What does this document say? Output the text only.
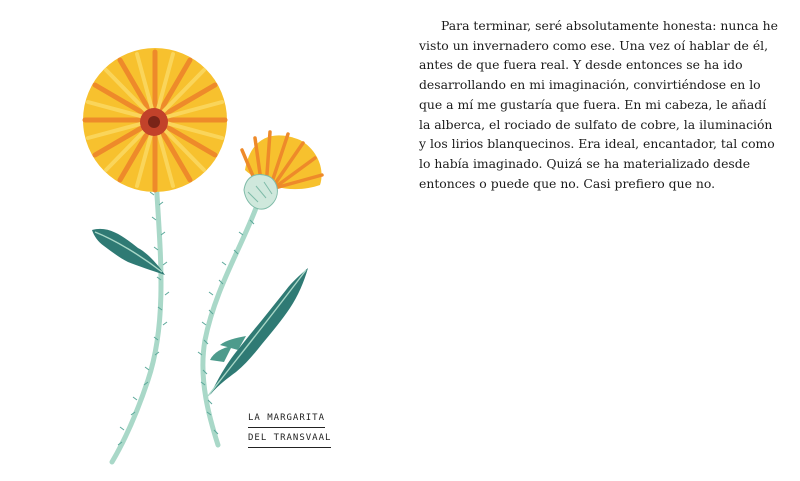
LA MARGARITA
DEL TRANSVAAL

Para terminar, seré absolutamente honesta: nunca he visto un invernadero como ese. Una vez oí hablar de él, antes de que fuera real. Y desde entonces se ha ido desarrollando en mi imaginación, convirtiéndose en lo que a mí me gustaría que fuera. En mi cabeza, le añadí la alberca, el rociado de sulfato de cobre, la iluminación y los lirios blanquecinos. Era ideal, encantador, tal como lo había imaginado. Quizá se ha materializado desde entonces o puede que no. Casi prefiero que no.
